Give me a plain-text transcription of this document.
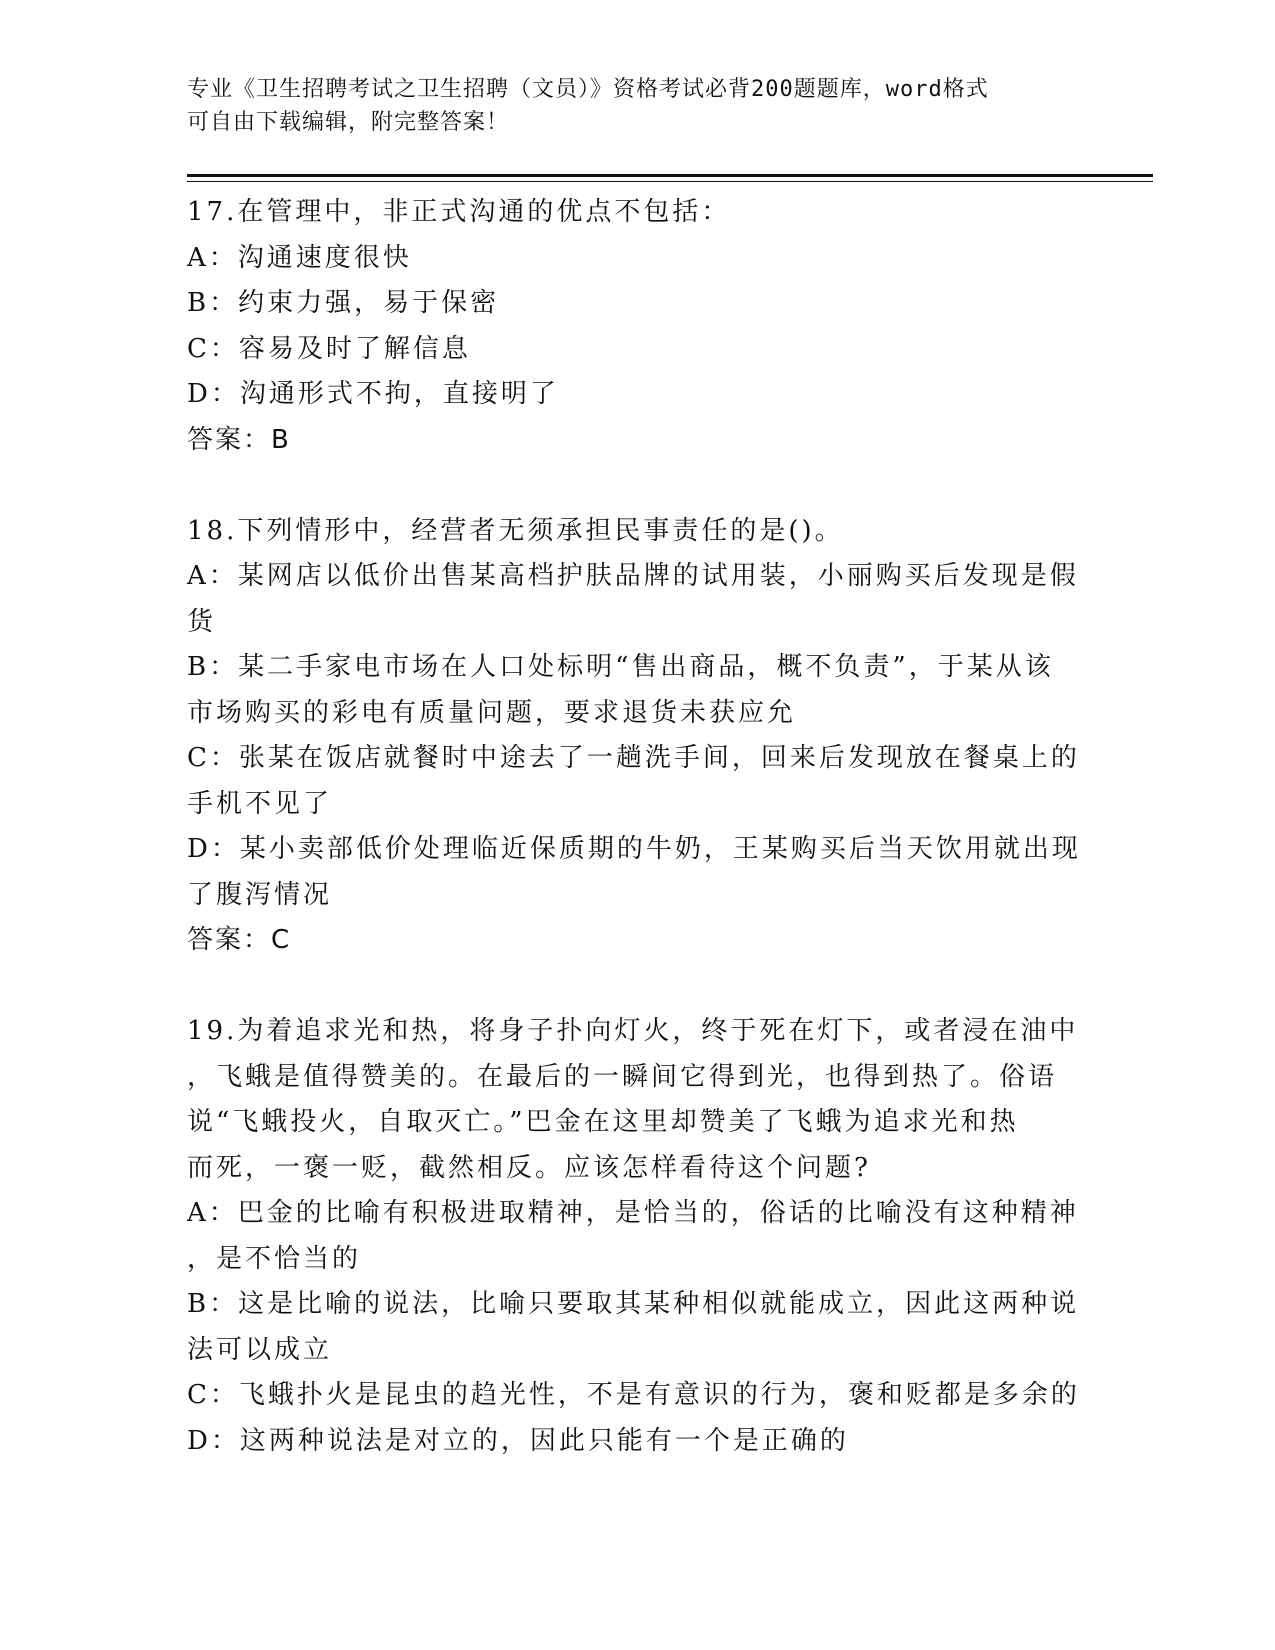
专业《卫生招聘考试之卫生招聘（文员）》资格考试必背200题题库，word格式
可自由下载编辑，附完整答案！
17.在管理中，非正式沟通的优点不包括：
A：沟通速度很快
B：约束力强，易于保密
C：容易及时了解信息
D：沟通形式不拘，直接明了
答案：B
18.下列情形中，经营者无须承担民事责任的是()。
A：某网店以低价出售某高档护肤品牌的试用装，小丽购买后发现是假
货
B：某二手家电市场在人口处标明“售出商品，概不负责”，于某从该
市场购买的彩电有质量问题，要求退货未获应允
C：张某在饭店就餐时中途去了一趟洗手间，回来后发现放在餐桌上的
手机不见了
D：某小卖部低价处理临近保质期的牛奶，王某购买后当天饮用就出现
了腹泻情况
答案：C
19.为着追求光和热，将身子扑向灯火，终于死在灯下，或者浸在油中
，飞蛾是值得赞美的。在最后的一瞬间它得到光，也得到热了。俗语
说“飞蛾投火，自取灭亡。”巴金在这里却赞美了飞蛾为追求光和热
而死，一褒一贬，截然相反。应该怎样看待这个问题?
A：巴金的比喻有积极进取精神，是恰当的，俗话的比喻没有这种精神
，是不恰当的
B：这是比喻的说法，比喻只要取其某种相似就能成立，因此这两种说
法可以成立
C：飞蛾扑火是昆虫的趋光性，不是有意识的行为，褒和贬都是多余的
D：这两种说法是对立的，因此只能有一个是正确的
